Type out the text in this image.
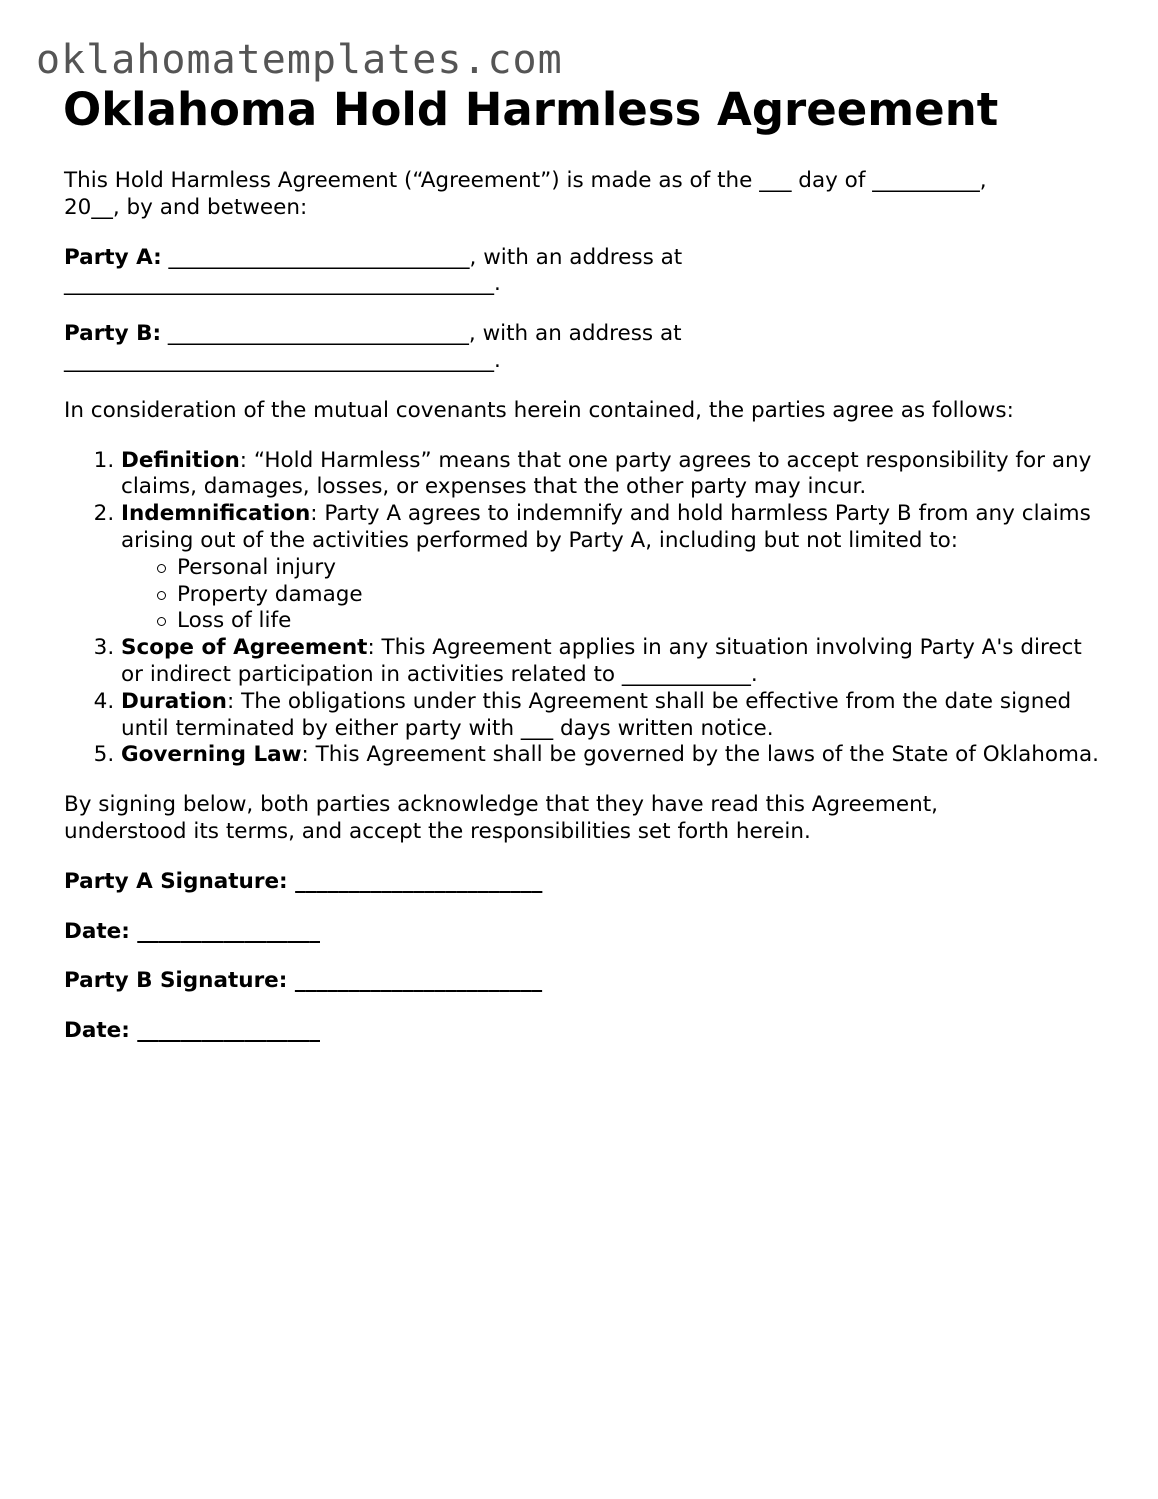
oklahomatemplates.com
Oklahoma Hold Harmless Agreement

This Hold Harmless Agreement (“Agreement”) is made as of the ___ day of __________,
20__, by and between:

Party A: ____________________________, with an address at
________________________________________.

Party B: ____________________________, with an address at
________________________________________.

In consideration of the mutual covenants herein contained, the parties agree as follows:

1. Definition: “Hold Harmless” means that one party agrees to accept responsibility for any claims, damages, losses, or expenses that the other party may incur.
2. Indemnification: Party A agrees to indemnify and hold harmless Party B from any claims arising out of the activities performed by Party A, including but not limited to:
Personal injury
Property damage
Loss of life
3. Scope of Agreement: This Agreement applies in any situation involving Party A's direct or indirect participation in activities related to ____________.
4. Duration: The obligations under this Agreement shall be effective from the date signed until terminated by either party with ___ days written notice.
5. Governing Law: This Agreement shall be governed by the laws of the State of Oklahoma.

By signing below, both parties acknowledge that they have read this Agreement,
understood its terms, and accept the responsibilities set forth herein.

Party A Signature: _______________________

Date: _________________

Party B Signature: _______________________

Date: _________________
